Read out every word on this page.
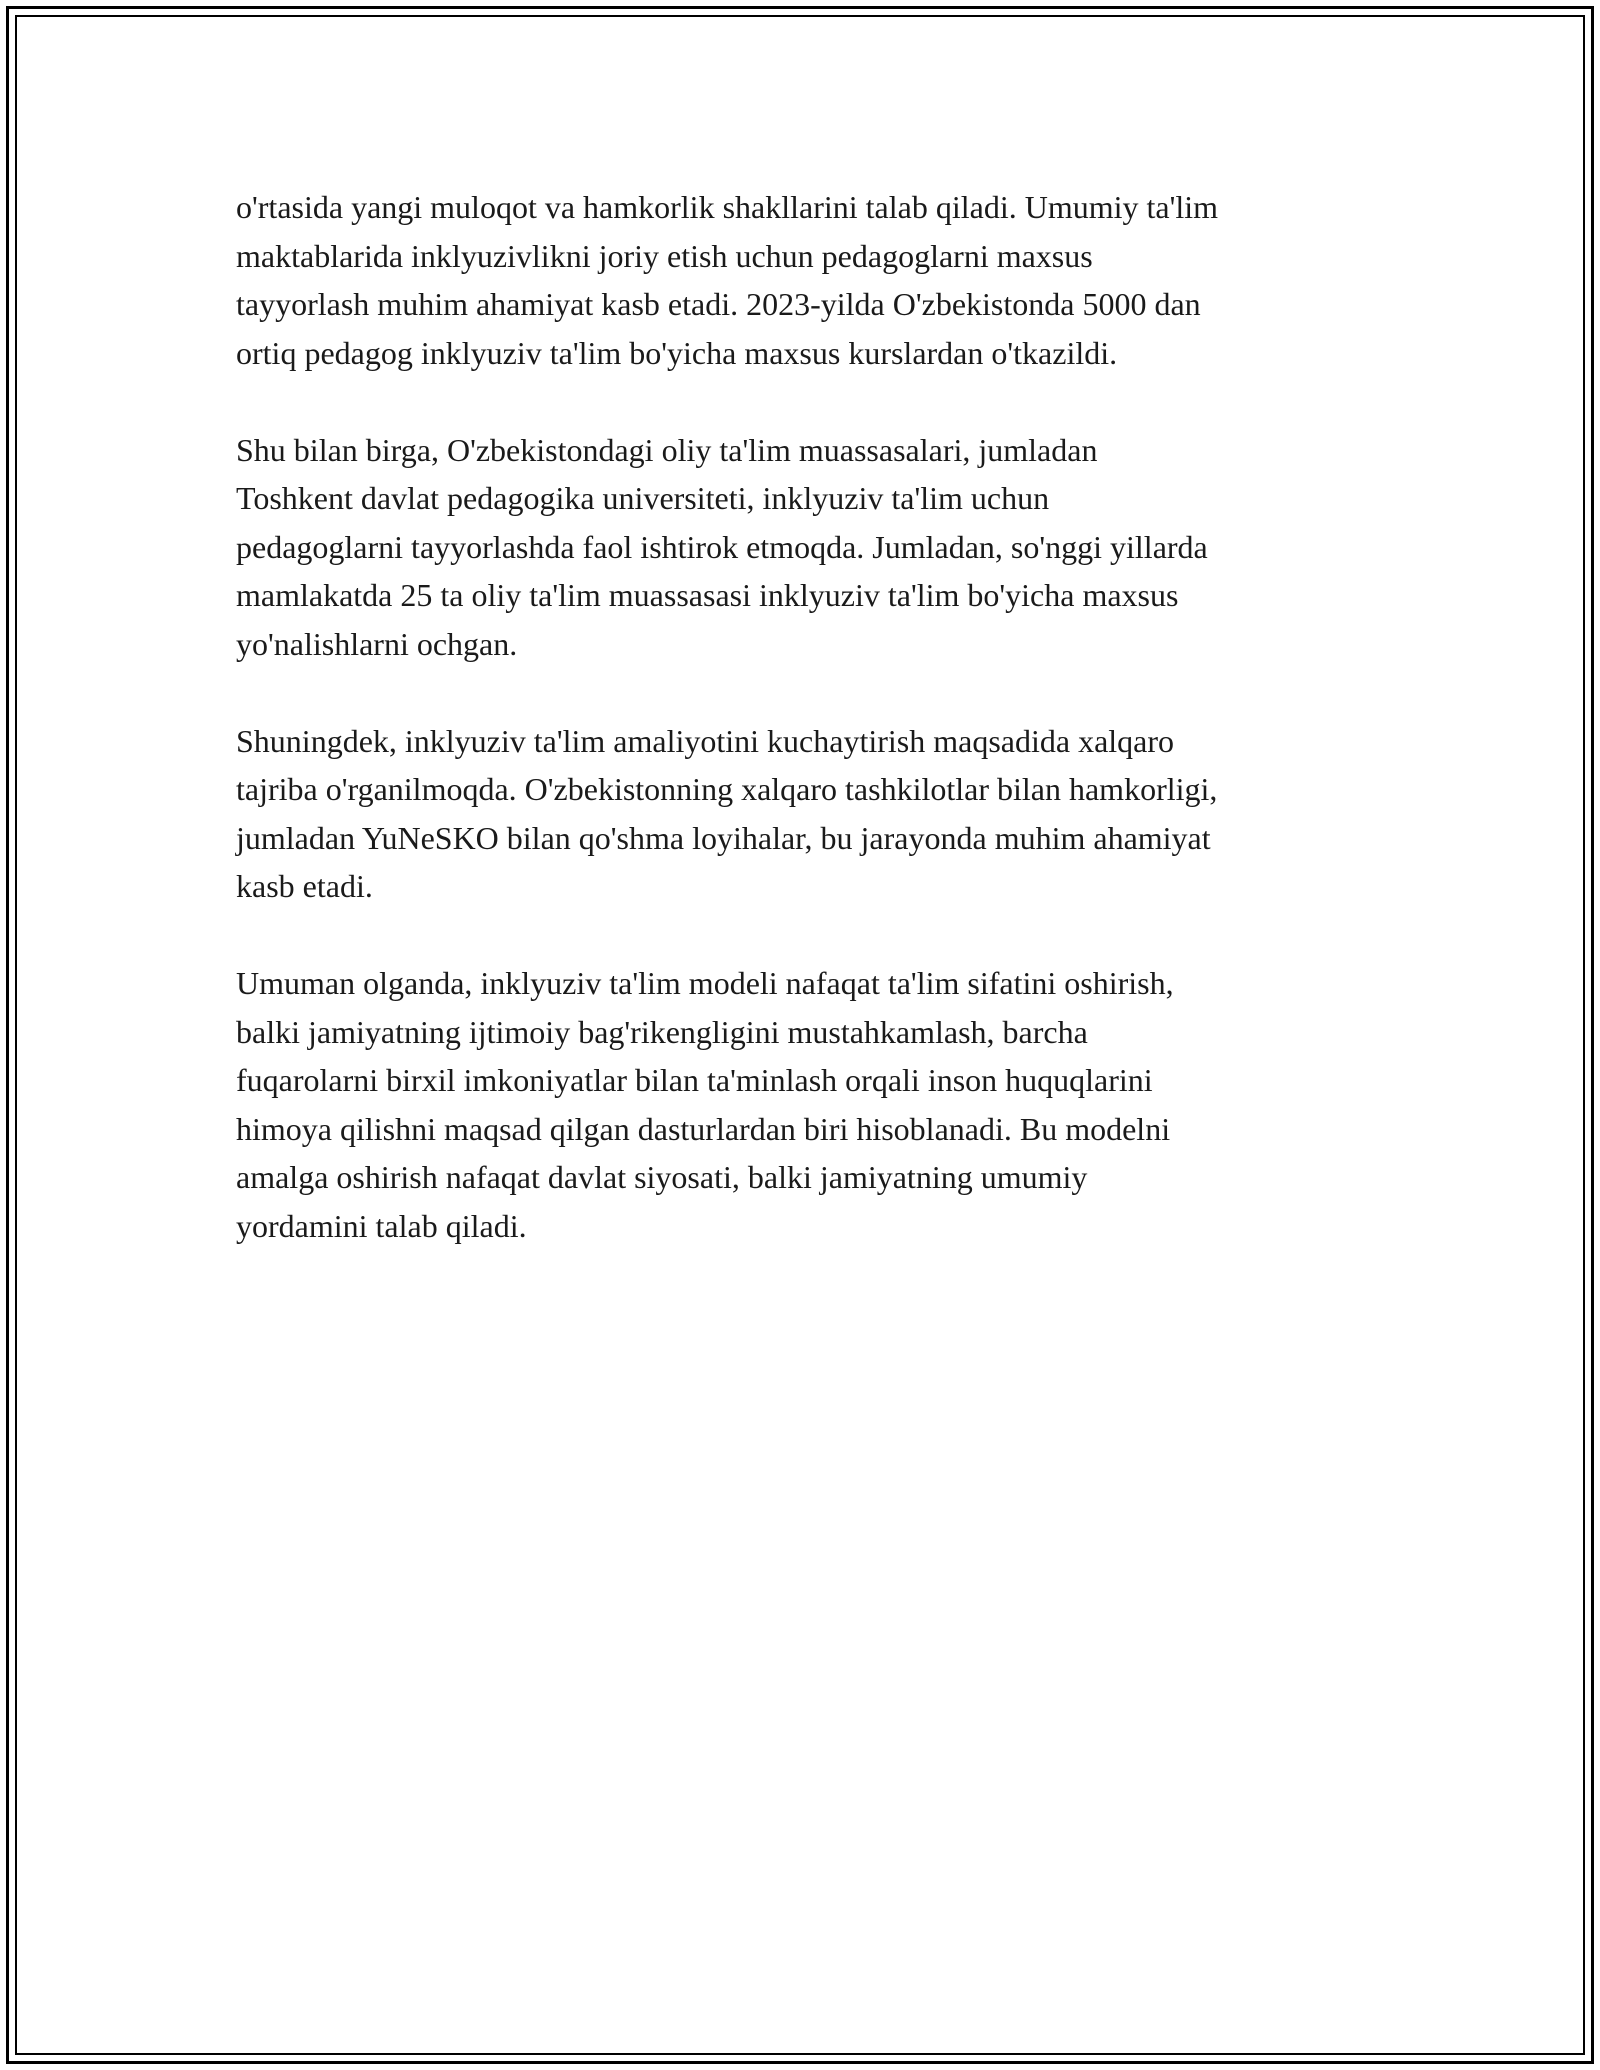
o'rtasida yangi muloqot va hamkorlik shakllarini talab qiladi. Umumiy ta'lim
maktablarida inklyuzivlikni joriy etish uchun pedagoglarni maxsus
tayyorlash muhim ahamiyat kasb etadi. 2023-yilda O'zbekistonda 5000 dan
ortiq pedagog inklyuziv ta'lim bo'yicha maxsus kurslardan o'tkazildi.

Shu bilan birga, O'zbekistondagi oliy ta'lim muassasalari, jumladan
Toshkent davlat pedagogika universiteti, inklyuziv ta'lim uchun
pedagoglarni tayyorlashda faol ishtirok etmoqda. Jumladan, so'nggi yillarda
mamlakatda 25 ta oliy ta'lim muassasasi inklyuziv ta'lim bo'yicha maxsus
yo'nalishlarni ochgan.

Shuningdek, inklyuziv ta'lim amaliyotini kuchaytirish maqsadida xalqaro
tajriba o'rganilmoqda. O'zbekistonning xalqaro tashkilotlar bilan hamkorligi,
jumladan YuNeSKO bilan qo'shma loyihalar, bu jarayonda muhim ahamiyat
kasb etadi.

Umuman olganda, inklyuziv ta'lim modeli nafaqat ta'lim sifatini oshirish,
balki jamiyatning ijtimoiy bag'rikengligini mustahkamlash, barcha
fuqarolarni birxil imkoniyatlar bilan ta'minlash orqali inson huquqlarini
himoya qilishni maqsad qilgan dasturlardan biri hisoblanadi. Bu modelni
amalga oshirish nafaqat davlat siyosati, balki jamiyatning umumiy
yordamini talab qiladi.
